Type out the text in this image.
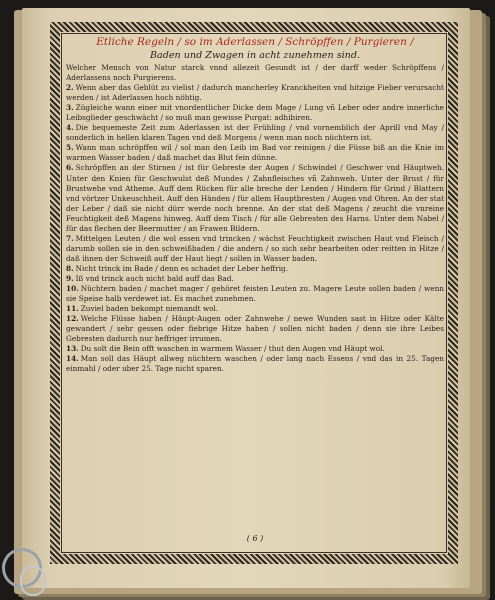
Etliche Regeln / so im Aderlassen / Schröpffen / Purgieren /

Baden und Zwagen in acht zunehmen sind.

Welcher Mensch von Natur starck vnnd allezeit Gesundt ist / der darff weder Schröpffens / Aderlassens noch Purgierens.

2. Wenn aber das Geblüt zu vielist / dadurch mancherley Kranckheiten vnd hitzige Fieber verursacht werden / ist Aderlassen hoch nöhtig.

3. Zügleiche wann einer mit vnordentlicher Dicke dem Mage / Lung vñ Leber oder andre innerliche Leibsglieder geschwächt / so muß man gewisse Purgat: adhibiren.

4. Die bequemeste Zeit zum Aderlassen ist der Frühling / vnd vornemblich der Aprill vnd May / sonderlich in hellen klaren Tagen vnd deß Morgens / wenn man noch nüchtern ist.

5. Wann man schröpffen wil / sol man den Leib im Bad vor reinigen / die Füsse biß an die Knie im warmen Wasser baden / daß machet das Blut fein dünne.

6. Schröpffen an der Stirnen / ist für Gebreste der Augen / Schwindel / Geschwer vnd Häuptweh. Unter den Knien für Geschwulst deß Mundes / Zahnfleisches vñ Zahnweh. Unter der Brust / für Brustwehe vnd Atheme. Auff dem Rücken für alle breche der Lenden / Hindern für Grind / Blattern vnd vörtzer Unkeuschheit. Auff den Händen / für allem Hauptbresten / Augen vnd Ohren. An der stat der Leber / daß sie nicht dürr werde noch brenne. An der stat deß Magens / zeucht die vnreine Feuchtigkeit deß Magens hinweg. Auff dem Tisch / für alle Gebresten des Harns. Unter dem Nabel / für das flechen der Beermutter / an Frawen Bildern.

7. Mittelgen Leuten / die wol essen vnd trincken / wächst Feuchtigkeit zwischen Haut vnd Fleisch / darumb sollen sie in den schweißbaden / die andern / so sich sehr bearbeiten oder reitten in Hitze / daß ihnen der Schweiß auff der Haut liegt / sollen in Wasser baden.

8. Nicht trinck im Bade / denn es schadet der Leber heffrig.

9. Iß vnd trinck auch nicht bald auff das Bad.

10. Nüchtern baden / machet mager / gehöret feisten Leuten zu. Magere Leute sollen baden / wenn sie Speise halb verdewet ist. Es machet zunehmen.

11. Zuviel baden bekompt niemandt wol.

12. Welche Flüsse haben / Häupt-Augen oder Zahnwehe / newe Wunden sast in Hitze oder Kälte gewandert / sehr gessen oder fiebrige Hitze haben / sollen nicht baden / denn sie ihre Leibes Gebresten dadurch nur heffriger irrumen.

13. Du solt die Bein offt waschen in warmem Wasser / thut den Augen vnd Häupt wol.

14. Man soll das Häupt allweg nüchtern waschen / oder lang nach Essens / vnd das in 25. Tagen einmahl / oder uber 25. Tage nicht sparen.

( 6 )
